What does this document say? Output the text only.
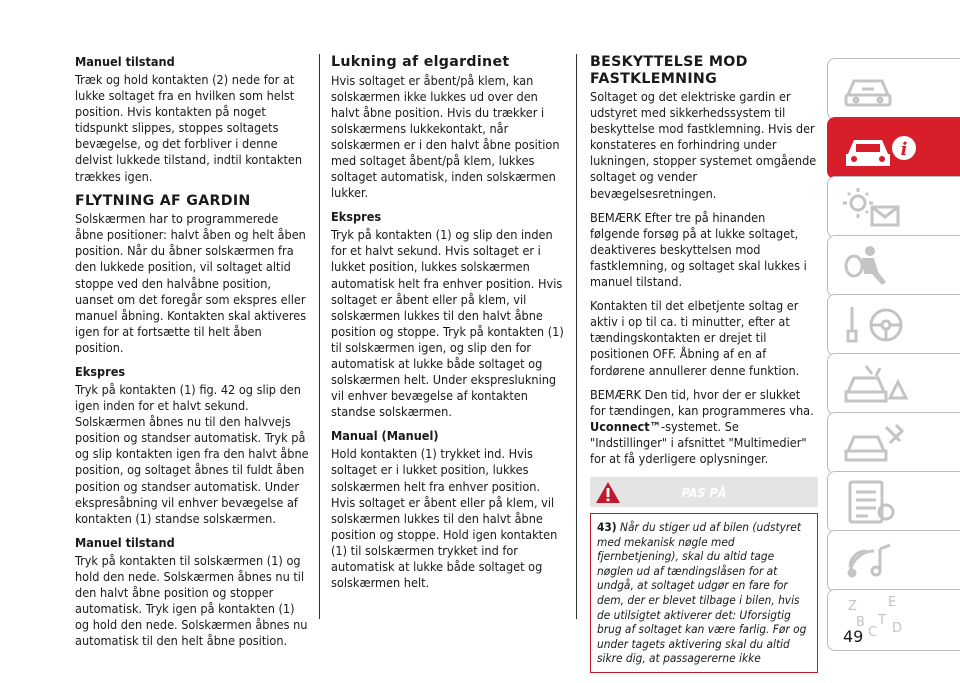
Manuel tilstand

Træk og hold kontakten (2) nede for at lukke soltaget fra en hvilken som helst position. Hvis kontakten på noget tidspunkt slippes, stoppes soltagets bevægelse, og det forbliver i denne delvist lukkede tilstand, indtil kontakten trækkes igen.

FLYTNING AF GARDIN

Solskærmen har to programmerede åbne positioner: halvt åben og helt åben position. Når du åbner solskærmen fra den lukkede position, vil soltaget altid stoppe ved den halvåbne position, uanset om det foregår som ekspres eller manuel åbning. Kontakten skal aktiveres igen for at fortsætte til helt åben position.

Ekspres

Tryk på kontakten (1) fig. 42 og slip den igen inden for et halvt sekund. Solskærmen åbnes nu til den halvvejs position og standser automatisk. Tryk på og slip kontakten igen fra den halvt åbne position, og soltaget åbnes til fuldt åben position og standser automatisk. Under ekspresåbning vil enhver bevægelse af kontakten (1) standse solskærmen.

Manuel tilstand

Tryk på kontakten til solskærmen (1) og hold den nede. Solskærmen åbnes nu til den halvt åbne position og stopper automatisk. Tryk igen på kontakten (1) og hold den nede. Solskærmen åbnes nu automatisk til den helt åbne position.

Lukning af elgardinet

Hvis soltaget er åbent/på klem, kan solskærmen ikke lukkes ud over den halvt åbne position. Hvis du trækker i solskærmens lukkekontakt, når solskærmen er i den halvt åbne position med soltaget åbent/på klem, lukkes soltaget automatisk, inden solskærmen lukker.

Ekspres

Tryk på kontakten (1) og slip den inden for et halvt sekund. Hvis soltaget er i lukket position, lukkes solskærmen automatisk helt fra enhver position. Hvis soltaget er åbent eller på klem, vil solskærmen lukkes til den halvt åbne position og stoppe. Tryk på kontakten (1) til solskærmen igen, og slip den for automatisk at lukke både soltaget og solskærmen helt. Under ekspreslukning vil enhver bevægelse af kontakten standse solskærmen.

Manual (Manuel)

Hold kontakten (1) trykket ind. Hvis soltaget er i lukket position, lukkes solskærmen helt fra enhver position. Hvis soltaget er åbent eller på klem, vil solskærmen lukkes til den halvt åbne position og stoppe. Hold igen kontakten (1) til solskærmen trykket ind for automatisk at lukke både soltaget og solskærmen helt.

BESKYTTELSE MOD FASTKLEMNING

Soltaget og det elektriske gardin er udstyret med sikkerhedssystem til beskyttelse mod fastklemning. Hvis der konstateres en forhindring under lukningen, stopper systemet omgående soltaget og vender bevægelsesretningen.

BEMÆRK Efter tre på hinanden følgende forsøg på at lukke soltaget, deaktiveres beskyttelsen mod fastklemning, og soltaget skal lukkes i manuel tilstand.

Kontakten til det elbetjente soltag er aktiv i op til ca. ti minutter, efter at tændingskontakten er drejet til positionen OFF. Åbning af en af fordørene annullerer denne funktion.

BEMÆRK Den tid, hvor der er slukket for tændingen, kan programmeres vha. Uconnect™-systemet. Se "Indstillinger" i afsnittet "Multimedier" for at få yderligere oplysninger.

PAS PÅ
43) Når du stiger ud af bilen (udstyret med mekanisk nøgle med fjernbetjening), skal du altid tage nøglen ud af tændingslåsen for at undgå, at soltaget udgør en fare for dem, der er blevet tilbage i bilen, hvis de utilsigtet aktiverer det: Uforsigtig brug af soltaget kan være farlig. Før og under tagets aktivering skal du altid sikre dig, at passagererne ikke
i
Z E
B
C
T
D
49
